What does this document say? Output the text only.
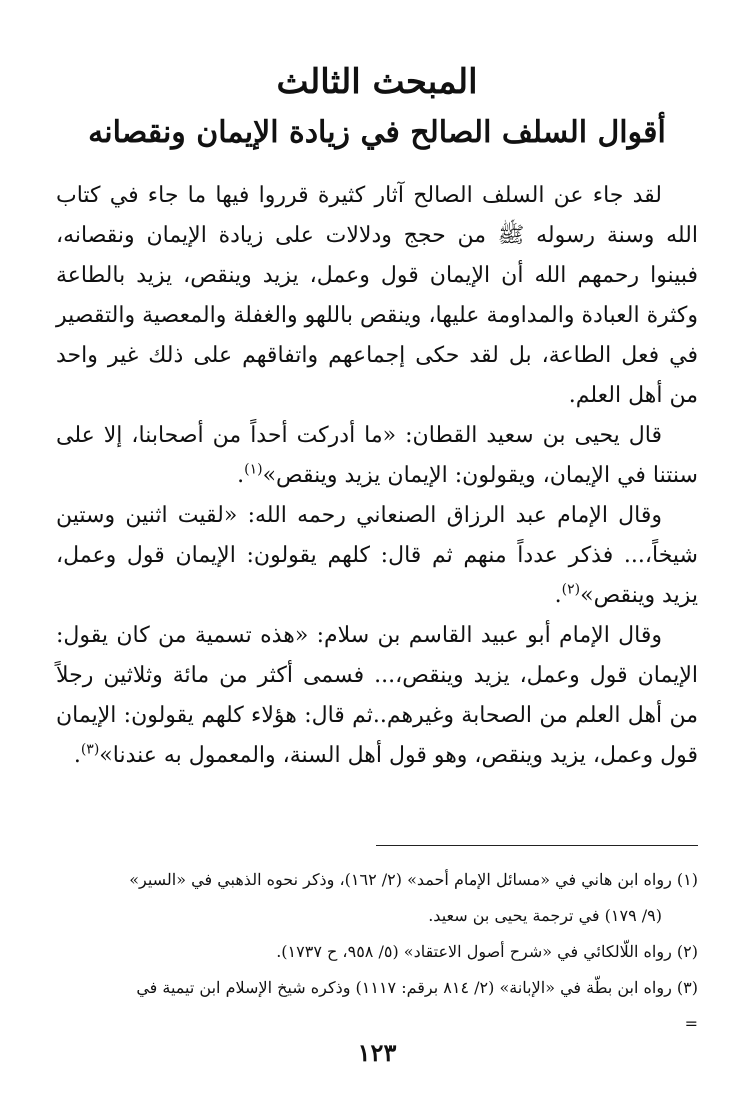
المبحث الثالث
أقوال السلف الصالح في زيادة الإيمان ونقصانه

لقد جاء عن السلف الصالح آثار كثيرة قرروا فيها ما جاء في كتاب الله وسنة رسوله ﷺ من حجج ودلالات على زيادة الإيمان ونقصانه، فبينوا رحمهم الله أن الإيمان قول وعمل، يزيد وينقص، يزيد بالطاعة وكثرة العبادة والمداومة عليها، وينقص باللهو والغفلة والمعصية والتقصير في فعل الطاعة، بل لقد حكى إجماعهم واتفاقهم على ذلك غير واحد من أهل العلم.

قال يحيى بن سعيد القطان: «ما أدركت أحداً من أصحابنا، إلا على سنتنا في الإيمان، ويقولون: الإيمان يزيد وينقص»$^{(١)}$.

وقال الإمام عبد الرزاق الصنعاني رحمه الله: «لقيت اثنين وستين شيخاً،... فذكر عدداً منهم ثم قال: كلهم يقولون: الإيمان قول وعمل، يزيد وينقص»$^{(٢)}$.

وقال الإمام أبو عبيد القاسم بن سلام: «هذه تسمية من كان يقول: الإيمان قول وعمل، يزيد وينقص،... فسمى أكثر من مائة وثلاثين رجلاً من أهل العلم من الصحابة وغيرهم..ثم قال: هؤلاء كلهم يقولون: الإيمان قول وعمل، يزيد وينقص، وهو قول أهل السنة، والمعمول به عندنا»$^{(٣)}$.

(١) رواه ابن هاني في «مسائل الإمام أحمد» (٢/ ١٦٢)، وذكر نحوه الذهبي في «السير»

(٩/ ١٧٩) في ترجمة يحيى بن سعيد.

(٢) رواه اللّالكائي في «شرح أصول الاعتقاد» (٥/ ٩٥٨، ح ١٧٣٧).

(٣) رواه ابن بطّة في «الإبانة» (٢/ ٨١٤ برقم: ١١١٧) وذكره شيخ الإسلام ابن تيمية في

=

١٢٣
